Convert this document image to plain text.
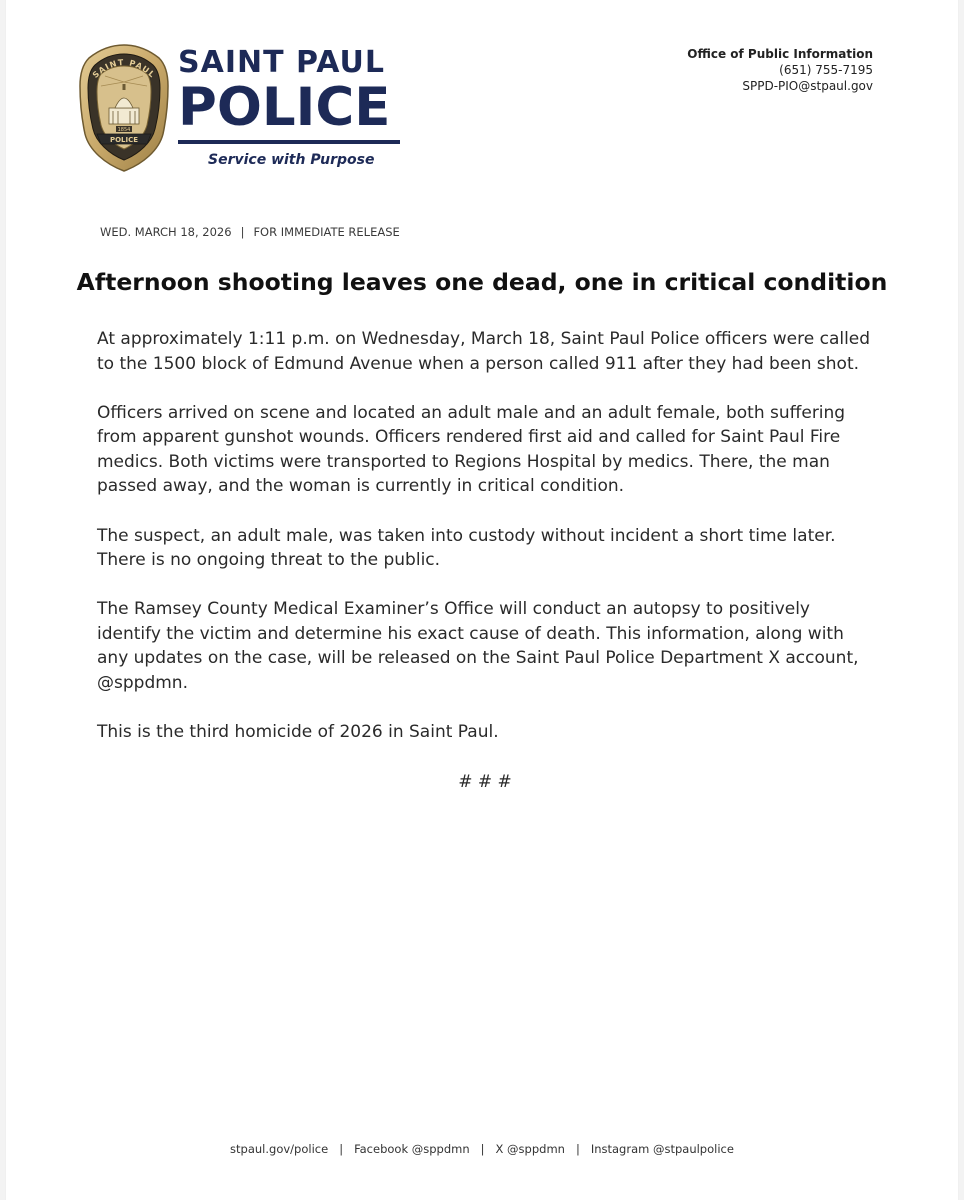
1854
POLICE
SAINT PAUL SAINT PAUL
POLICE
Service with Purpose
Office of Public Information
(651) 755-7195
SPPD-PIO@stpaul.gov
WED. MARCH 18, 2026 | FOR IMMEDIATE RELEASE
Afternoon shooting leaves one dead, one in critical condition

At approximately 1:11 p.m. on Wednesday, March 18, Saint Paul Police officers were called to the 1500 block of Edmund Avenue when a person called 911 after they had been shot.

Officers arrived on scene and located an adult male and an adult female, both suffering from apparent gunshot wounds. Officers rendered first aid and called for Saint Paul Fire medics. Both victims were transported to Regions Hospital by medics. There, the man passed away, and the woman is currently in critical condition.

The suspect, an adult male, was taken into custody without incident a short time later. There is no ongoing threat to the public.

The Ramsey County Medical Examiner’s Office will conduct an autopsy to positively identify the victim and determine his exact cause of death. This information, along with any updates on the case, will be released on the Saint Paul Police Department X account, @sppdmn.

This is the third homicide of 2026 in Saint Paul.

# # #
stpaul.gov/police | Facebook @sppdmn | X @sppdmn | Instagram @stpaulpolice
